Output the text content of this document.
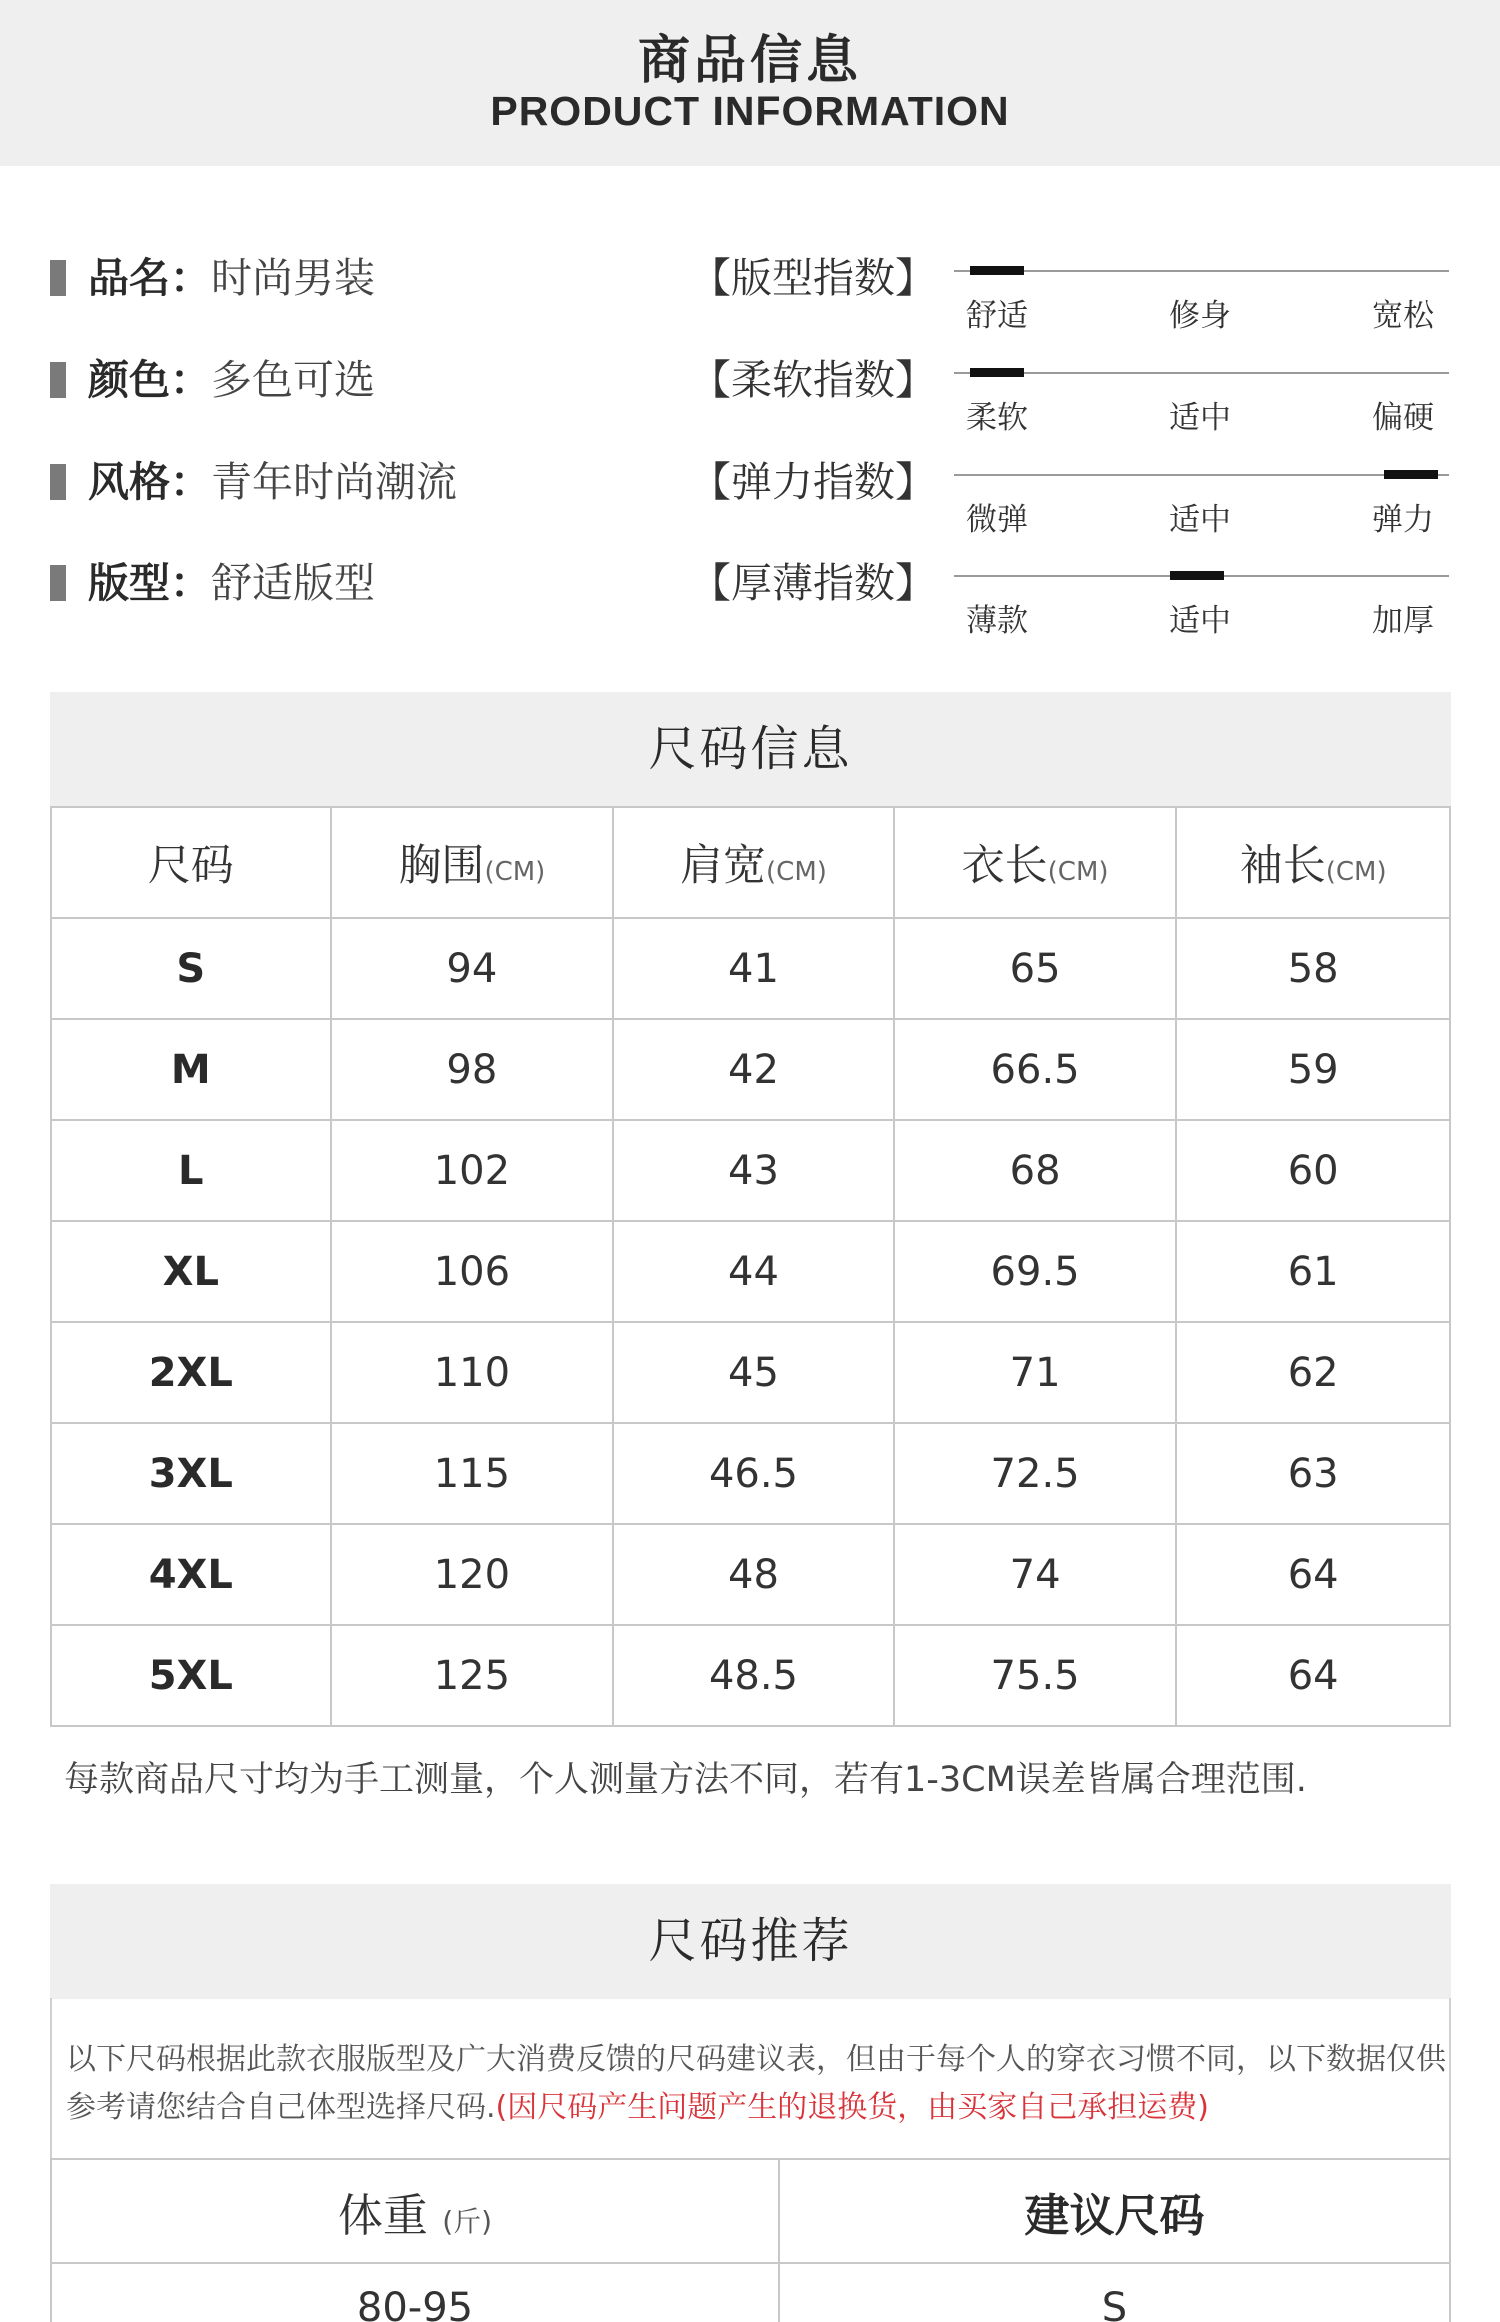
商品信息
PRODUCT INFORMATION
品名：时尚男装
颜色：多色可选
风格：青年时尚潮流
版型：舒适版型
【版型指数】
舒适	修身	宽松
【柔软指数】
柔软	适中	偏硬
【弹力指数】
微弹	适中	弹力
【厚薄指数】
薄款	适中	加厚
尺码信息
尺码	胸围(CM)	肩宽(CM)	衣长(CM)	袖长(CM)
S	94	41	65	58
M	98	42	66.5	59
L	102	43	68	60
XL	106	44	69.5	61
2XL	110	45	71	62
3XL	115	46.5	72.5	63
4XL	120	48	74	64
5XL	125	48.5	75.5	64
每款商品尺寸均为手工测量，个人测量方法不同，若有1-3CM误差皆属合理范围.
尺码推荐
以下尺码根据此款衣服版型及广大消费反馈的尺码建议表，但由于每个人的穿衣习惯不同，以下数据仅供参考请您结合自己体型选择尺码.(因尺码产生问题产生的退换货，由买家自己承担运费)
体重 (斤)	建议尺码
80-95	S
